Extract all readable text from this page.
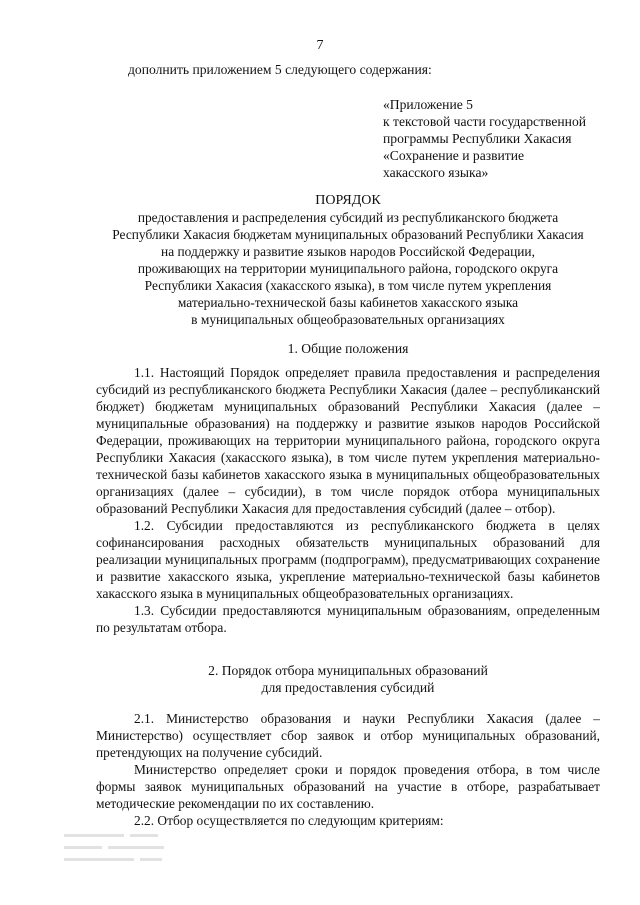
7
дополнить приложением 5 следующего содержания:
«Приложение 5
к текстовой части государственной
программы Республики Хакасия
«Сохранение и развитие
хакасского языка»
ПОРЯДОК
предоставления и распределения субсидий из республиканского бюджета
Республики Хакасия бюджетам муниципальных образований Республики Хакасия
на поддержку и развитие языков народов Российской Федерации,
проживающих на территории муниципального района, городского округа
Республики Хакасия (хакасского языка), в том числе путем укрепления
материально-технической базы кабинетов хакасского языка
в муниципальных общеобразовательных организациях
1. Общие положения

1.1. Настоящий Порядок определяет правила предоставления и распределения субсидий из республиканского бюджета Республики Хакасия (далее – республиканский бюджет) бюджетам муниципальных образований Республики Хакасия (далее – муниципальные образования) на поддержку и развитие языков народов Российской Федерации, проживающих на территории муниципального района, городского округа Республики Хакасия (хакасского языка), в том числе путем укрепления материально-технической базы кабинетов хакасского языка в муниципальных общеобразовательных организациях (далее – субсидии), в том числе порядок отбора муниципальных образований Республики Хакасия для предоставления субсидий (далее – отбор).

1.2. Субсидии предоставляются из республиканского бюджета в целях софинансирования расходных обязательств муниципальных образований для реализации муниципальных программ (подпрограмм), предусматривающих сохранение и развитие хакасского языка, укрепление материально-технической базы кабинетов хакасского языка в муниципальных общеобразовательных организациях.

1.3. Субсидии предоставляются муниципальным образованиям, определенным по результатам отбора.

2. Порядок отбора муниципальных образований
для предоставления субсидий

2.1. Министерство образования и науки Республики Хакасия (далее – Министерство) осуществляет сбор заявок и отбор муниципальных образований, претендующих на получение субсидий.

Министерство определяет сроки и порядок проведения отбора, в том числе формы заявок муниципальных образований на участие в отборе, разрабатывает методические рекомендации по их составлению.

2.2. Отбор осуществляется по следующим критериям:
